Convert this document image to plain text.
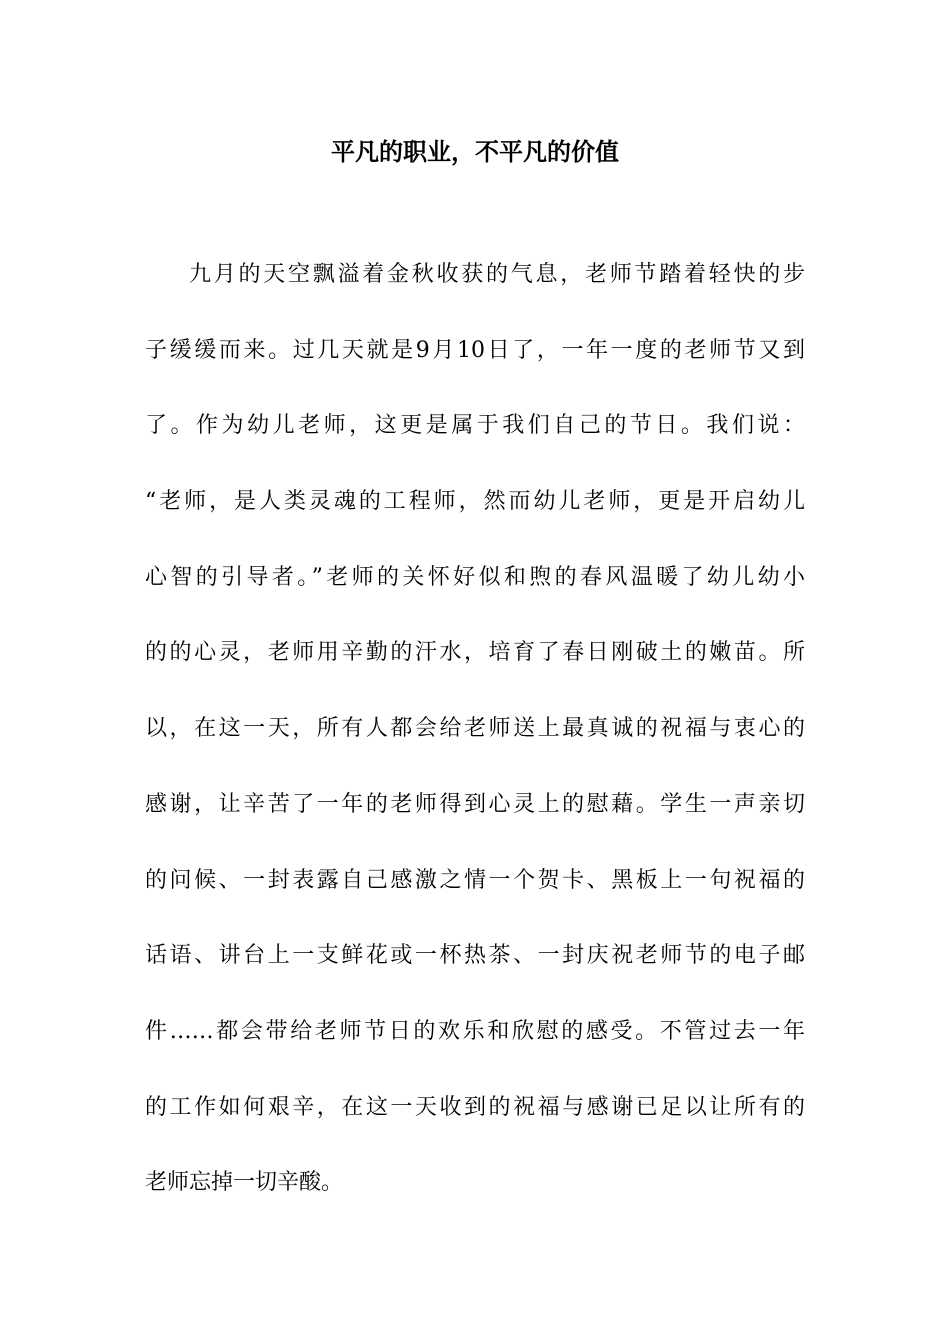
平凡的职业，不平凡的价值
九月的天空飘溢着金秋收获的气息，老师节踏着轻快的步
子缓缓而来。过几天就是9月10日了，一年一度的老师节又到
了。作为幼儿老师，这更是属于我们自己的节日。我们说：
“老师，是人类灵魂的工程师，然而幼儿老师，更是开启幼儿
心智的引导者。”老师的关怀好似和煦的春风温暖了幼儿幼小
的的心灵，老师用辛勤的汗水，培育了春日刚破土的嫩苗。所
以，在这一天，所有人都会给老师送上最真诚的祝福与衷心的
感谢，让辛苦了一年的老师得到心灵上的慰藉。学生一声亲切
的问候、一封表露自己感激之情一个贺卡、黑板上一句祝福的
话语、讲台上一支鲜花或一杯热茶、一封庆祝老师节的电子邮
件……都会带给老师节日的欢乐和欣慰的感受。不管过去一年
的工作如何艰辛，在这一天收到的祝福与感谢已足以让所有的
老师忘掉一切辛酸。
